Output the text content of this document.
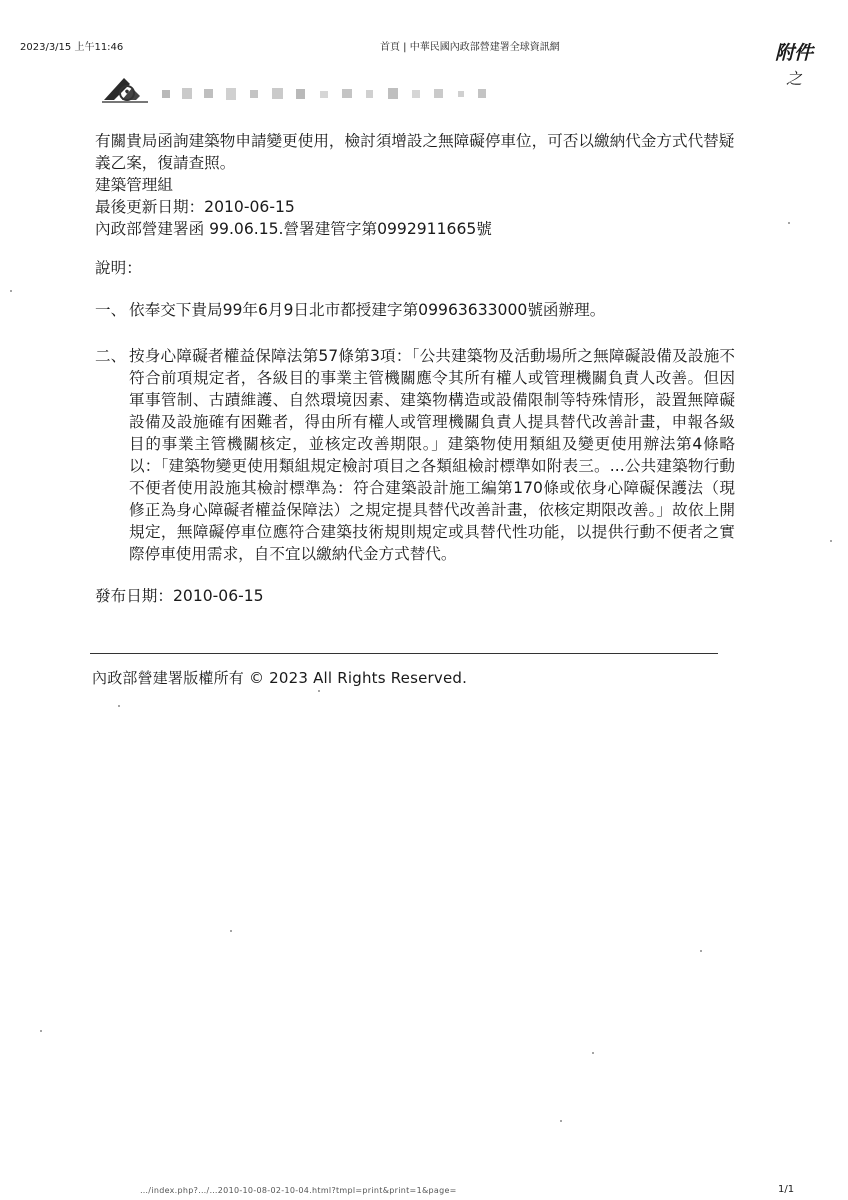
2023/3/15 上午11:46	首頁 | 中華民國內政部營建署全球資訊網	附件
之

有關貴局函詢建築物申請變更使用，檢討須增設之無障礙停車位，可否以繳納代金方式代替疑義乙案，復請查照。

建築管理組

最後更新日期：2010-06-15

內政部營建署函 99.06.15.營署建管字第0992911665號

說明：

一、 依奉交下貴局99年6月9日北市都授建字第09963633000號函辦理。
二、 按身心障礙者權益保障法第57條第3項：「公共建築物及活動場所之無障礙設備及設施不符合前項規定者，各級目的事業主管機關應令其所有權人或管理機關負責人改善。但因軍事管制、古蹟維護、自然環境因素、建築物構造或設備限制等特殊情形，設置無障礙設備及設施確有困難者，得由所有權人或管理機關負責人提具替代改善計畫，申報各級目的事業主管機關核定，並核定改善期限。」建築物使用類組及變更使用辦法第4條略以：「建築物變更使用類組規定檢討項目之各類組檢討標準如附表三。...公共建築物行動不便者使用設施其檢討標準為：符合建築設計施工編第170條或依身心障礙保護法（現修正為身心障礙者權益保障法）之規定提具替代改善計畫，依核定期限改善。」故依上開規定，無障礙停車位應符合建築技術規則規定或具替代性功能，以提供行動不便者之實際停車使用需求，自不宜以繳納代金方式替代。

發布日期：2010-06-15

內政部營建署版權所有 © 2023 All Rights Reserved.
…/index.php?…/…2010-10-08-02-10-04.html?tmpl=print&print=1&page=	1/1
